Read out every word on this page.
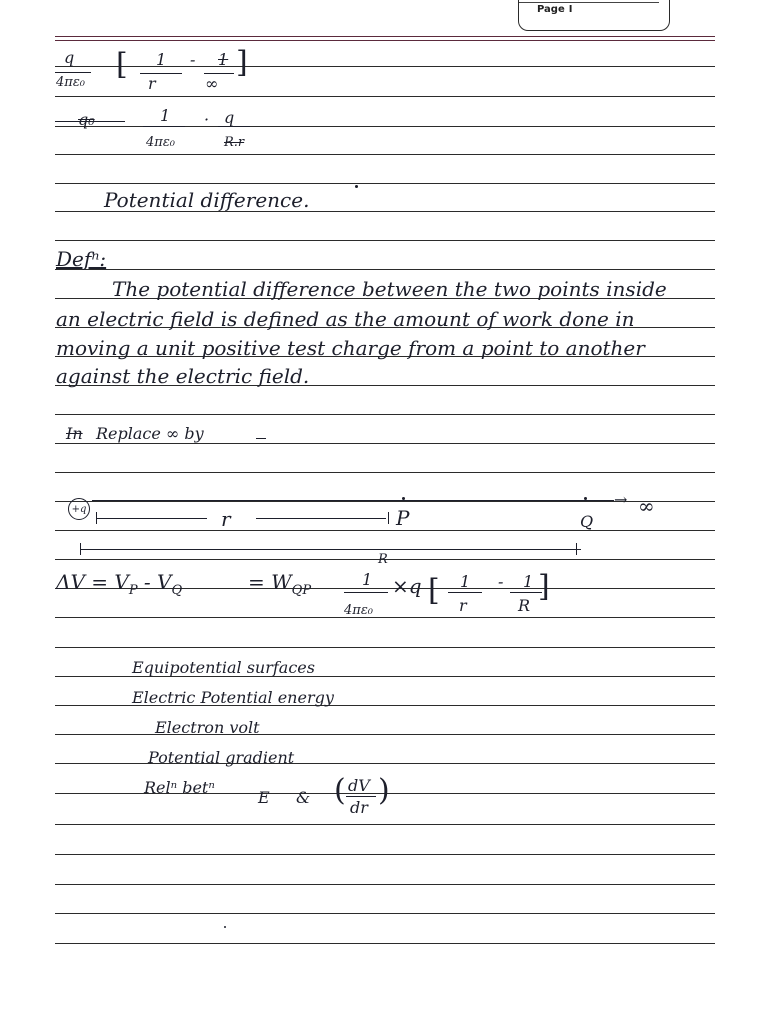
Page I
q
4πε₀
[ 1
r
- 1
∞
]
q₀	1
4πε₀
· q
R.r
Potential difference.
Defⁿ:
The potential difference between the two points inside
an electric field is defined as the amount of work done in
moving a unit positive test charge from a point to another
against the electric field.
In Replace ∞ by
+q	→ ∞
r	P	Q
R
$\Delta V = V_P - V_Q$	= $W_{QP}$
1
4πε₀
×q [ 1
r
- 1
R
]
Equipotential surfaces
Electric Potential energy
Electron volt
Potential gradient
Relⁿ betⁿ
E & ( dV
dr )
